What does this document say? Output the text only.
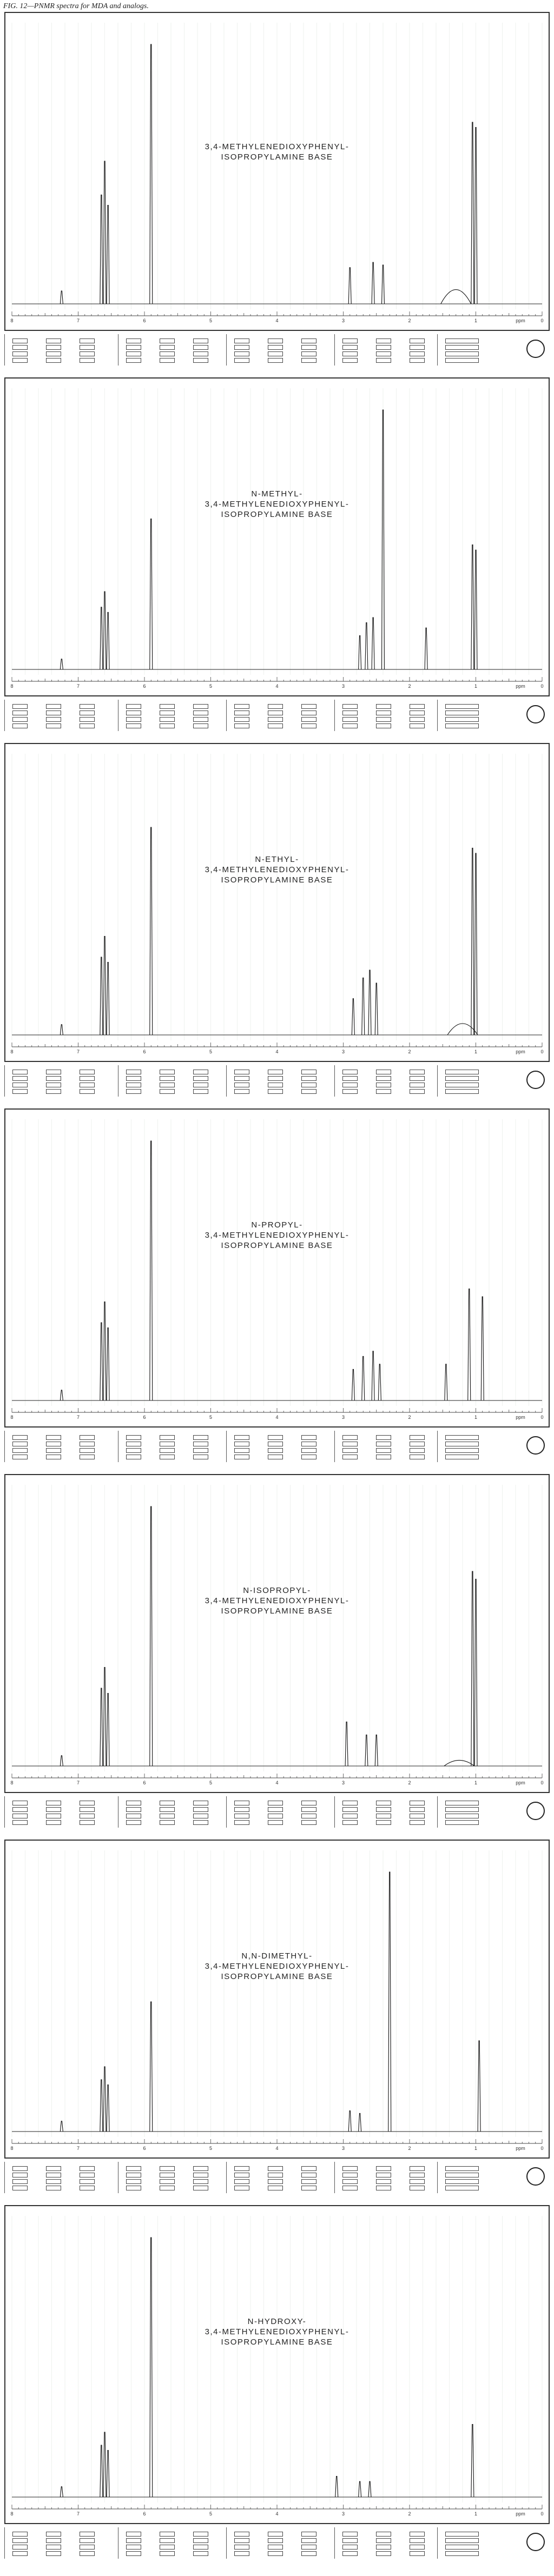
FIG. 12—PNMR spectra for MDA and analogs.
8	7	6	5	4	3	2	1	0
ppm
3,4-METHYLENEDIOXYPHENYL-
ISOPROPYLAMINE BASE
8	7	6	5	4	3	2	1	0
ppm
N-METHYL-
3,4-METHYLENEDIOXYPHENYL-
ISOPROPYLAMINE BASE
8	7	6	5	4	3	2	1	0
ppm
N-ETHYL-
3,4-METHYLENEDIOXYPHENYL-
ISOPROPYLAMINE BASE
8	7	6	5	4	3	2	1	0
ppm
N-PROPYL-
3,4-METHYLENEDIOXYPHENYL-
ISOPROPYLAMINE BASE
8	7	6	5	4	3	2	1	0
ppm
N-ISOPROPYL-
3,4-METHYLENEDIOXYPHENYL-
ISOPROPYLAMINE BASE
8	7	6	5	4	3	2	1	0
ppm
N,N-DIMETHYL-
3,4-METHYLENEDIOXYPHENYL-
ISOPROPYLAMINE BASE
8	7	6	5	4	3	2	1	0
ppm
N-HYDROXY-
3,4-METHYLENEDIOXYPHENYL-
ISOPROPYLAMINE BASE
